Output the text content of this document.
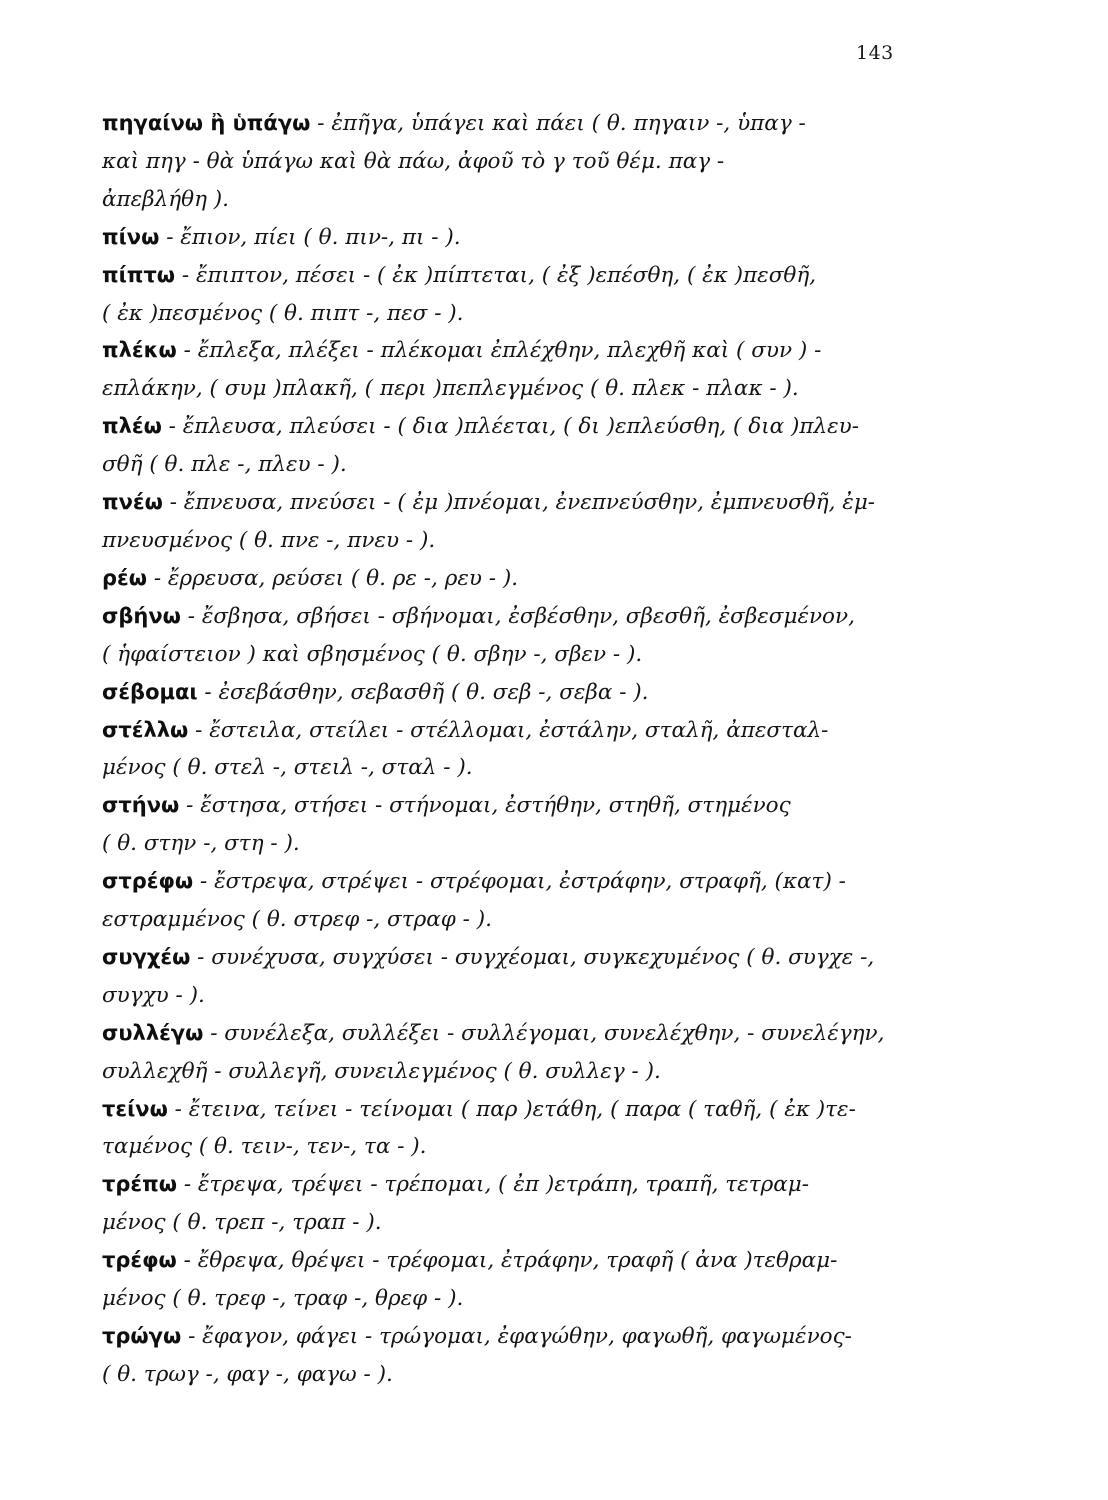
143

πηγαίνω ἢ ὑπάγω - ἐπῆγα, ὑπάγει καὶ πάει ( θ. πηγαιν -, ὑπαγ -
καὶ πηγ - θὰ ὑπάγω καὶ θὰ πάω, ἀφοῦ τὸ γ τοῦ θέμ. παγ -
ἀπεβλήθη ).

πίνω - ἔπιον, πίει ( θ. πιν-, πι - ).

πίπτω - ἔπιπτον, πέσει - ( ἐκ )πίπτεται, ( ἐξ )επέσθη, ( ἐκ )πεσθῆ,
( ἐκ )πεσμένος ( θ. πιπτ -, πεσ - ).

πλέκω - ἔπλεξα, πλέξει - πλέκομαι ἐπλέχθην, πλεχθῆ καὶ ( συν ) -
επλάκην, ( συμ )πλακῆ, ( περι )πεπλεγμένος ( θ. πλεκ - πλακ - ).

πλέω - ἔπλευσα, πλεύσει - ( δια )πλέεται, ( δι )επλεύσθη, ( δια )πλευ-
σθῆ ( θ. πλε -, πλευ - ).

πνέω - ἔπνευσα, πνεύσει - ( ἐμ )πνέομαι, ἐνεπνεύσθην, ἐμπνευσθῆ, ἐμ-
πνευσμένος ( θ. πνε -, πνευ - ).

ρέω - ἔρρευσα, ρεύσει ( θ. ρε -, ρευ - ).

σβήνω - ἔσβησα, σβήσει - σβήνομαι, ἐσβέσθην, σβεσθῆ, ἐσβεσμένον,
( ἡφαίστειον ) καὶ σβησμένος ( θ. σβην -, σβεν - ).

σέβομαι - ἐσεβάσθην, σεβασθῆ ( θ. σεβ -, σεβα - ).

στέλλω - ἔστειλα, στείλει - στέλλομαι, ἐστάλην, σταλῆ, ἀπεσταλ-
μένος ( θ. στελ -, στειλ -, σταλ - ).

στήνω - ἔστησα, στήσει - στήνομαι, ἐστήθην, στηθῆ, στημένος
( θ. στην -, στη - ).

στρέφω - ἔστρεψα, στρέψει - στρέφομαι, ἐστράφην, στραφῆ, (κατ) -
εστραμμένος ( θ. στρεφ -, στραφ - ).

συγχέω - συνέχυσα, συγχύσει - συγχέομαι, συγκεχυμένος ( θ. συγχε -,
συγχυ - ).

συλλέγω - συνέλεξα, συλλέξει - συλλέγομαι, συνελέχθην, - συνελέγην,
συλλεχθῆ - συλλεγῆ, συνειλεγμένος ( θ. συλλεγ - ).

τείνω - ἔτεινα, τείνει - τείνομαι ( παρ )ετάθη, ( παρα ( ταθῆ, ( ἐκ )τε-
ταμένος ( θ. τειν-, τεν-, τα - ).

τρέπω - ἔτρεψα, τρέψει - τρέπομαι, ( ἐπ )ετράπη, τραπῆ, τετραμ-
μένος ( θ. τρεπ -, τραπ - ).

τρέφω - ἔθρεψα, θρέψει - τρέφομαι, ἐτράφην, τραφῆ ( ἀνα )τεθραμ-
μένος ( θ. τρεφ -, τραφ -, θρεφ - ).

τρώγω - ἔφαγον, φάγει - τρώγομαι, ἐφαγώθην, φαγωθῆ, φαγωμένος-
( θ. τρωγ -, φαγ -, φαγω - ).
